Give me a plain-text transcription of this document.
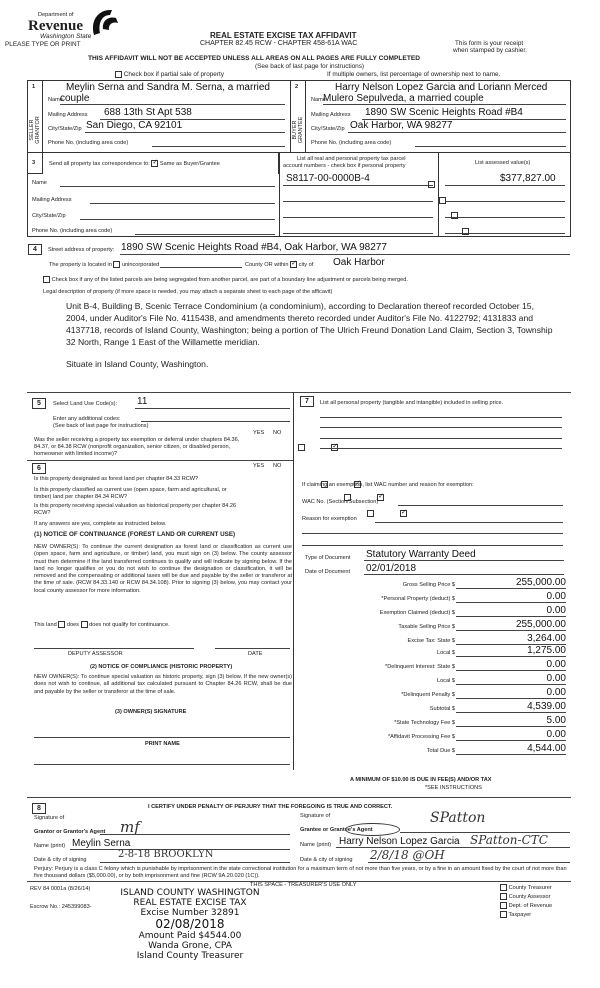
Department of
Revenue
Washington State
PLEASE TYPE OR PRINT
REAL ESTATE EXCISE TAX AFFIDAVIT
CHAPTER 82.45 RCW - CHAPTER 458-61A WAC	This form is your receipt
when stamped by cashier.
THIS AFFIDAVIT WILL NOT BE ACCEPTED UNLESS ALL AREAS ON ALL PAGES ARE FULLY COMPLETED
(See back of last page for instructions)
Check box if partial sale of property	If multiple owners, list percentage of ownership next to name.
1	2
SELLER GRANTOR	BUYER GRANTEE
Meylin Serna and Sandra M. Serna, a married
Name
couple
Mailing Address 688 13th St Apt 538
City/State/Zip San Diego, CA 92101
Phone No. (including area code)
Harry Nelson Lopez Garcia and Loriann Merced
Name
Mulero Sepulveda, a married couple
Mailing Address 1890 SW Scenic Heights Road #B4
City/State/Zip Oak Harbor, WA 98277
Phone No. (including area code)
3 Send all property tax correspondence to: ✓ Same as Buyer/Grantee
Name
Mailing Address
City/State/Zip
Phone No. (including area code)
List all real and personal property tax parcel
account numbers - check box if personal property	List assessed value(s)
S8117-00-0000B-4	$377,827.00

4	Street address of property: 1890 SW Scenic Heights Road #B4, Oak Harbor, WA 98277
The property is located in unincorporated	County OR within ✓ city of Oak Harbor
Check box if any of the listed parcels are being segregated from another parcel, are part of a boundary line adjustment or parcels being merged.
Legal description of property (if more space is needed, you may attach a separate sheet to each page of the afficavit)
Unit B-4, Building B, Scenic Terrace Condominium (a condominium), according to Declaration thereof recorded October 15, 2004, under Auditor's File No. 4115438, and amendments thereto recorded under Auditor's File No. 4122792; 4131833 and 4137718, records of Island County, Washington; being a portion of The Ulrich Freund Donation Land Claim, Section 3, Township 32 North, Range 1 East of the Willamette meridian.
Situate in Island County, Washington.
5	Select Land Use Code(s): 11
Enter any additional codes:
(See back of last page for instructions)
YES NO
Was the seller receiving a property tax exemption or deferral under chapters 84.36, 84.37, or 84.38 RCW (nonprofit organization, senior citizen, or disabled person, homeowner with limited income)?
✓
6	YES NO
Is this property designated as forest land per chapter 84.33 RCW?
✓
Is this property classified as current use (open space, farm and agricultural, or timber) land per chapter 84.34 RCW?
✓
Is this property receiving special valuation as historical property per chapter 84.26 RCW?
✓
If any answers are yes, complete as instructed below.
(1) NOTICE OF CONTINUANCE (FOREST LAND OR CURRENT USE)
NEW OWNER(S): To continue the current designation as forest land or classification as current use (open space, farm and agriculture, or timber) land, you must sign on (3) below. The county assessor must then determine if the land transferred continues to qualify and will indicate by signing below. If the land no longer qualifies or you do not wish to continue the designation or classification, it will be removed and the compensating or additional taxes will be due and payable by the seller or transferor at the time of sale. (RCW 84.33.140 or RCW 84.34.108). Prior to signing (3) below, you may contact your local county assessor for more information.
This land does does not qualify for continuance.
DEPUTY ASSESSOR	DATE
(2) NOTICE OF COMPLIANCE (HISTORIC PROPERTY)
NEW OWNER(S): To continue special valuation as historic property, sign (3) below. If the new owner(s) does not wish to continue, all additional tax calculated pursuant to Chapter 84.26 RCW, shall be due and payable by the seller or transferor at the time of sale.
(3) OWNER(S) SIGNATURE
PRINT NAME
7	List all personal property (tangible and intangible) included in selling price.
If claiming an exemption, list WAC number and reason for exemption:
WAC No. (Section/Subsection)
Reason for exemption
Type of Document Statutory Warranty Deed
Date of Document 02/01/2018
Gross Selling Price $	255,000.00
*Personal Property (deduct) $	0.00
Exemption Claimed (deduct) $	0.00
Taxable Selling Price $	255,000.00
Excise Tax: State $	3,264.00
Local $	1,275.00
*Delinquent Interest: State $	0.00
Local $	0.00
*Delinquent Penalty $	0.00
Subtotal $	4,539.00
*State Technology Fee $	5.00
*Affidavit Processing Fee $	0.00
Total Due $	4,544.00
A MINIMUM OF $10.00 IS DUE IN FEE(S) AND/OR TAX
*SEE INSTRUCTIONS
8	I CERTIFY UNDER PENALTY OF PERJURY THAT THE FOREGOING IS TRUE AND CORRECT.
Signature of
Grantor or Grantor's Agent mf
Name (print) Meylin Serna
Date & city of signing	2-8-18 BROOKLYN
Signature of
Grantee or Grantee's Agent
SPatton
Name (print) Harry Nelson Lopez Garcia SPatton-CTC
Date & city of signing 2/8/18 @OH
Perjury: Perjury is a class C felony which is punishable by imprisonment in the state correctional institution for a maximum term of not more than five years, or by a fine in an amount fixed by the court of not more than five thousand dollars ($5,000.00), or by both imprisonment and fine (RCW 9A.20.020 (1C)).
REV 84 0001a (8/26/14)
Escrow No.: 245399083-
THIS SPACE - TREASURER'S USE ONLY	County Treasurer
County Assessor
Dept. of Revenue
Taxpayer
ISLAND COUNTY WASHINGTON
REAL ESTATE EXCISE TAX
Excise Number 32891
02/08/2018
Amount Paid $4544.00
Wanda Grone, CPA
Island County Treasurer
